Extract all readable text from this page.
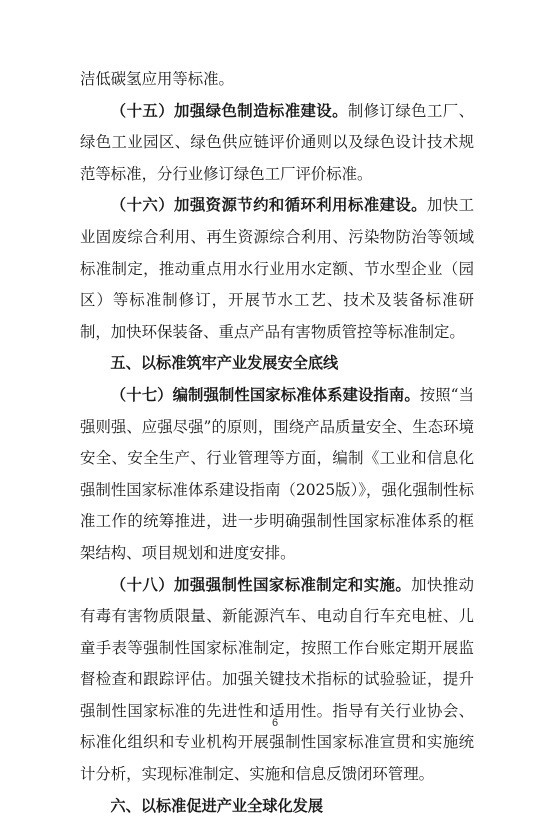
洁低碳氢应用等标准。

（十五）加强绿色制造标准建设。制修订绿色工厂、绿色工业园区、绿色供应链评价通则以及绿色设计技术规范等标准，分行业修订绿色工厂评价标准。

（十六）加强资源节约和循环利用标准建设。加快工业固废综合利用、再生资源综合利用、污染物防治等领域标准制定，推动重点用水行业用水定额、节水型企业（园区）等标准制修订，开展节水工艺、技术及装备标准研制，加快环保装备、重点产品有害物质管控等标准制定。

五、以标准筑牢产业发展安全底线

（十七）编制强制性国家标准体系建设指南。按照“当强则强、应强尽强”的原则，围绕产品质量安全、生态环境安全、安全生产、行业管理等方面，编制《工业和信息化强制性国家标准体系建设指南（2025版）》，强化强制性标准工作的统筹推进，进一步明确强制性国家标准体系的框架结构、项目规划和进度安排。

（十八）加强强制性国家标准制定和实施。加快推动有毒有害物质限量、新能源汽车、电动自行车充电桩、儿童手表等强制性国家标准制定，按照工作台账定期开展监督检查和跟踪评估。加强关键技术指标的试验验证，提升强制性国家标准的先进性和适用性。指导有关行业协会、标准化组织和专业机构开展强制性国家标准宣贯和实施统计分析，实现标准制定、实施和信息反馈闭环管理。

六、以标准促进产业全球化发展

6
